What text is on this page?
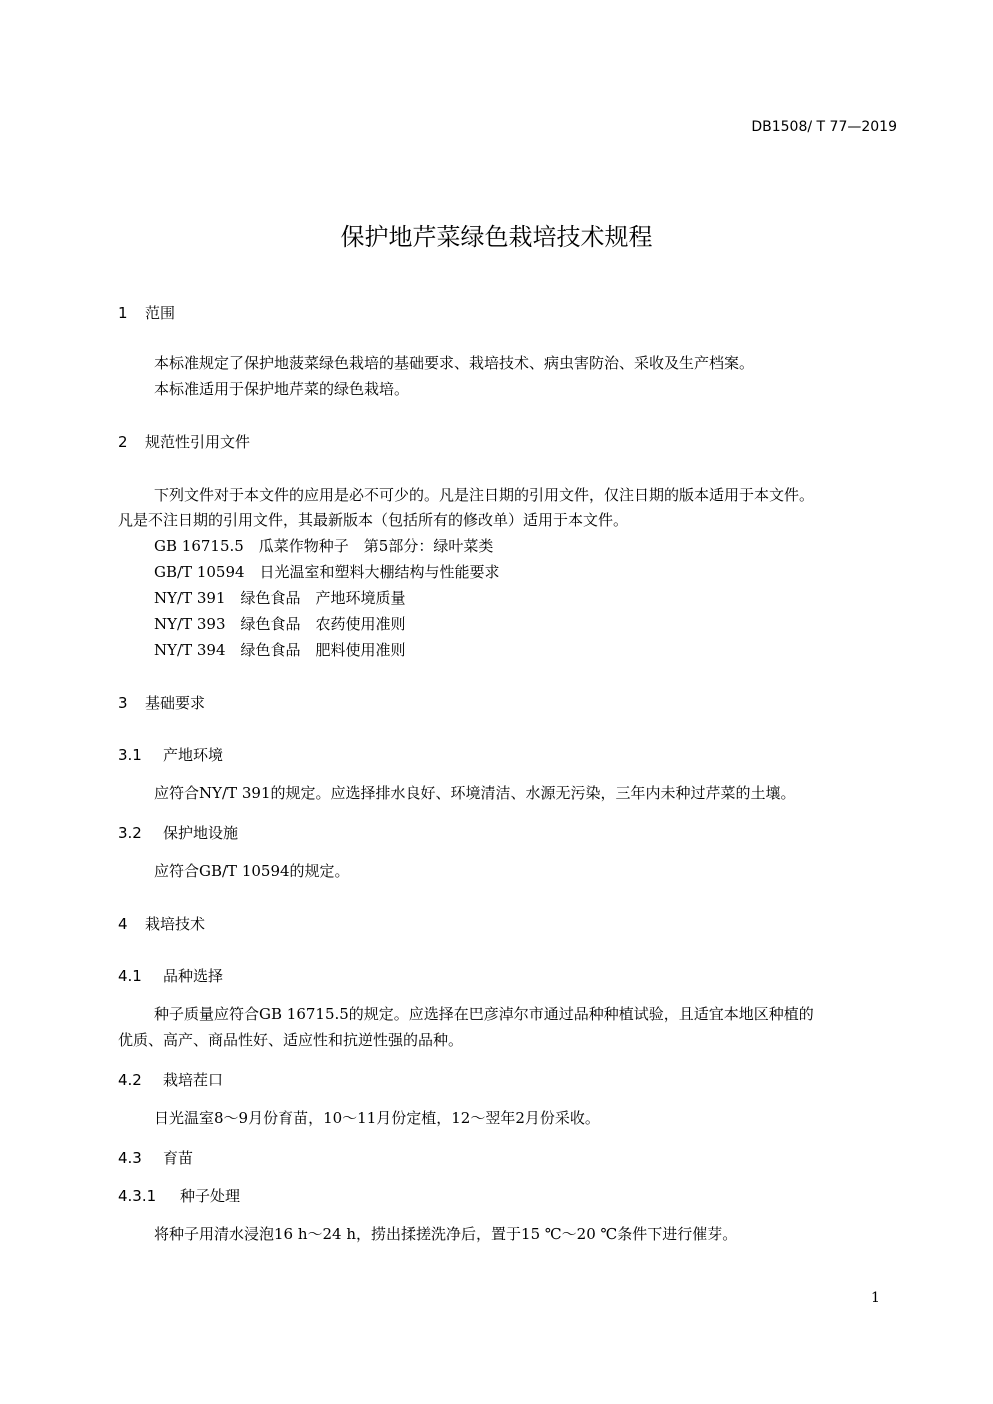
DB1508/ T 77—2019
保护地芹菜绿色栽培技术规程
1 范围
本标准规定了保护地菠菜绿色栽培的基础要求、栽培技术、病虫害防治、采收及生产档案。
本标准适用于保护地芹菜的绿色栽培。
2 规范性引用文件
下列文件对于本文件的应用是必不可少的。凡是注日期的引用文件，仅注日期的版本适用于本文件。
凡是不注日期的引用文件，其最新版本（包括所有的修改单）适用于本文件。
GB 16715.5　瓜菜作物种子　第5部分：绿叶菜类
GB/T 10594　日光温室和塑料大棚结构与性能要求
NY/T 391　绿色食品　产地环境质量
NY/T 393　绿色食品　农药使用准则
NY/T 394　绿色食品　肥料使用准则
3 基础要求
3.1 产地环境
应符合NY/T 391的规定。应选择排水良好、环境清洁、水源无污染，三年内未种过芹菜的土壤。
3.2 保护地设施
应符合GB/T 10594的规定。
4 栽培技术
4.1 品种选择
种子质量应符合GB 16715.5的规定。应选择在巴彦淖尔市通过品种种植试验，且适宜本地区种植的
优质、高产、商品性好、适应性和抗逆性强的品种。
4.2 栽培茬口
日光温室8～9月份育苗，10～11月份定植，12～翌年2月份采收。
4.3 育苗
4.3.1 种子处理
将种子用清水浸泡16 h～24 h，捞出揉搓洗净后，置于15 ℃～20 ℃条件下进行催芽。
1
